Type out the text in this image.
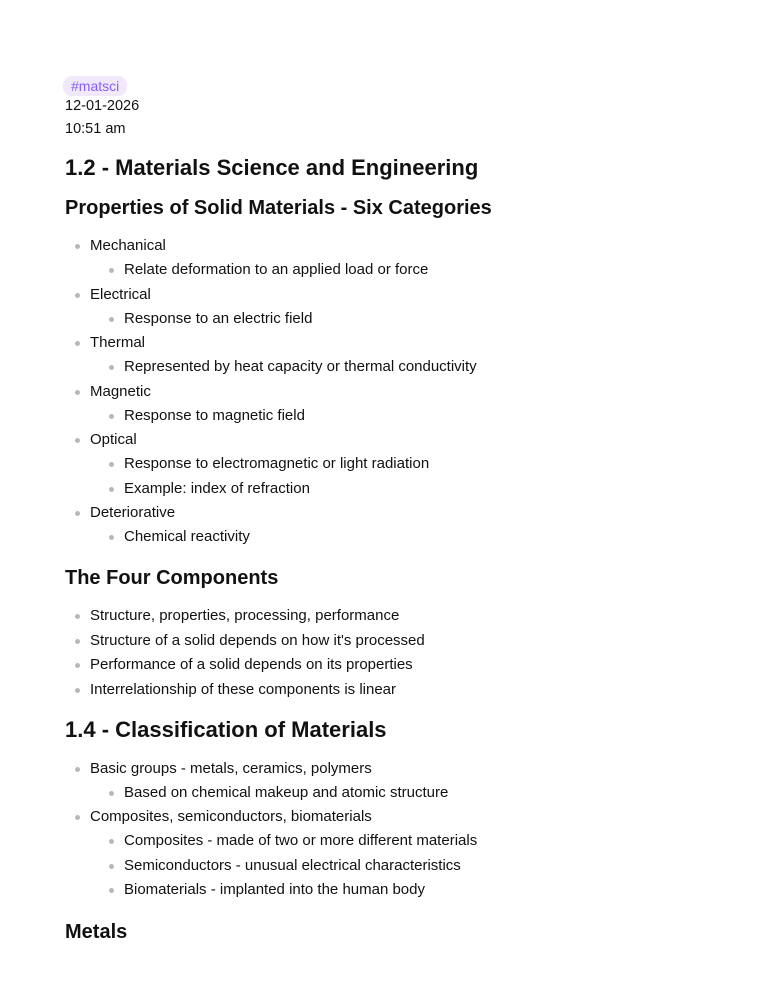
#matsci
12-01-2026
10:51 am
1.2 - Materials Science and Engineering
Properties of Solid Materials - Six Categories
Mechanical
Relate deformation to an applied load or force
Electrical
Response to an electric field
Thermal
Represented by heat capacity or thermal conductivity
Magnetic
Response to magnetic field
Optical
Response to electromagnetic or light radiation
Example: index of refraction
Deteriorative
Chemical reactivity
The Four Components
Structure, properties, processing, performance
Structure of a solid depends on how it's processed
Performance of a solid depends on its properties
Interrelationship of these components is linear
1.4 - Classification of Materials
Basic groups - metals, ceramics, polymers
Based on chemical makeup and atomic structure
Composites, semiconductors, biomaterials
Composites - made of two or more different materials
Semiconductors - unusual electrical characteristics
Biomaterials - implanted into the human body
Metals
